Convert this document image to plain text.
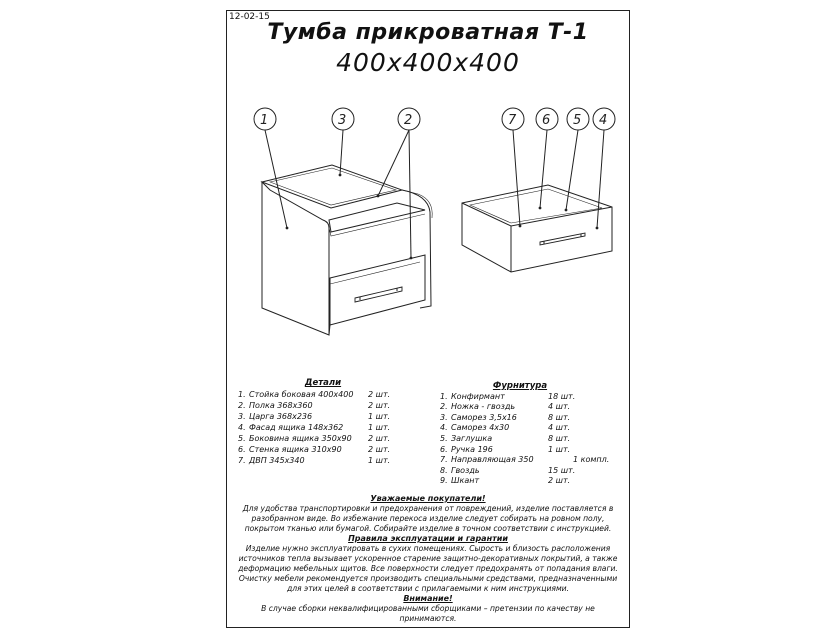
12-02-15
Тумба прикроватная Т-1
400x400x400
1	3	2	7 6 5 4
Детали
1. Стойка боковая 400х400 2 шт.
2. Полка 368х360	2 шт.
3. Царга 368х236	1 шт.
4. Фасад ящика 148х362	1 шт.
5. Боковина ящика 350х90 2 шт.
6. Стенка ящика 310х90	2 шт.
7. ДВП 345х340	1 шт.
Фурнитура
1. Конфирмант	18 шт.
2. Ножка - гвоздь	4 шт.
3. Саморез 3,5х16	8 шт.
4. Саморез 4х30	4 шт.
5. Заглушка	8 шт.
6. Ручка 196	1 шт.
7. Направляющая 350	1 компл.
8. Гвоздь	15 шт.
9. Шкант	2 шт.
Уважаемые покупатели!
Для удобства транспортировки и предохранения от повреждений, изделие поставляется в разобранном виде. Во избежание перекоса изделие следует собирать на ровном полу, покрытом тканью или бумагой. Собирайте изделие в точном соответствии с инструкцией.
Правила эксплуатации и гарантии
Изделие нужно эксплуатировать в сухих помещениях. Сырость и близость расположения источников тепла вызывает ускоренное старение защитно-декоративных покрытий, а также деформацию мебельных щитов. Все поверхности следует предохранять от попадания влаги. Очистку мебели рекомендуется производить специальными средствами, предназначенными для этих целей в соответствии с прилагаемыми к ним инструкциями.
Внимание!
В случае сборки неквалифицированными сборщиками – претензии по качеству не принимаются.
